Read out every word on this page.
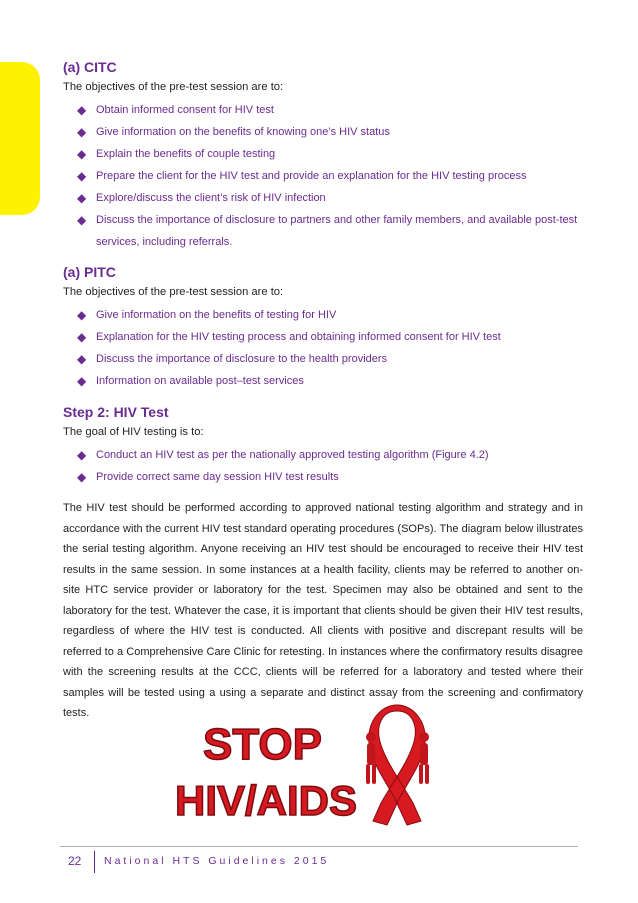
(a) CITC

The objectives of the pre-test session are to:

◆ Obtain informed consent for HIV test
◆ Give information on the benefits of knowing one’s HIV status
◆ Explain the benefits of couple testing
◆ Prepare the client for the HIV test and provide an explanation for the HIV testing process
◆ Explore/discuss the client’s risk of HIV infection
◆ Discuss the importance of disclosure to partners and other family members, and available post-test services, including referrals.
(a) PITC

The objectives of the pre-test session are to:

◆ Give information on the benefits of testing for HIV
◆ Explanation for the HIV testing process and obtaining informed consent for HIV test
◆ Discuss the importance of disclosure to the health providers
◆ Information on available post–test services
Step 2: HIV Test

The goal of HIV testing is to:

◆ Conduct an HIV test as per the nationally approved testing algorithm (Figure 4.2)
◆ Provide correct same day session HIV test results

The HIV test should be performed according to approved national testing algorithm and strategy and in accordance with the current HIV test standard operating procedures (SOPs). The diagram below illustrates the serial testing algorithm. Anyone receiving an HIV test should be encouraged to receive their HIV test results in the same session. In some instances at a health facility, clients may be referred to another on-site HTC service provider or laboratory for the test. Specimen may also be obtained and sent to the laboratory for the test. Whatever the case, it is important that clients should be given their HIV test results, regardless of where the HIV test is conducted. All clients with positive and discrepant results will be referred to a Comprehensive Care Clinic for retesting. In instances where the confirmatory results disagree with the screening results at the CCC, clients will be referred for a laboratory and tested where their samples will be tested using a using a separate and distinct assay from the screening and confirmatory tests.

STOP
HIV/AIDS
22 National HTS Guidelines 2015
